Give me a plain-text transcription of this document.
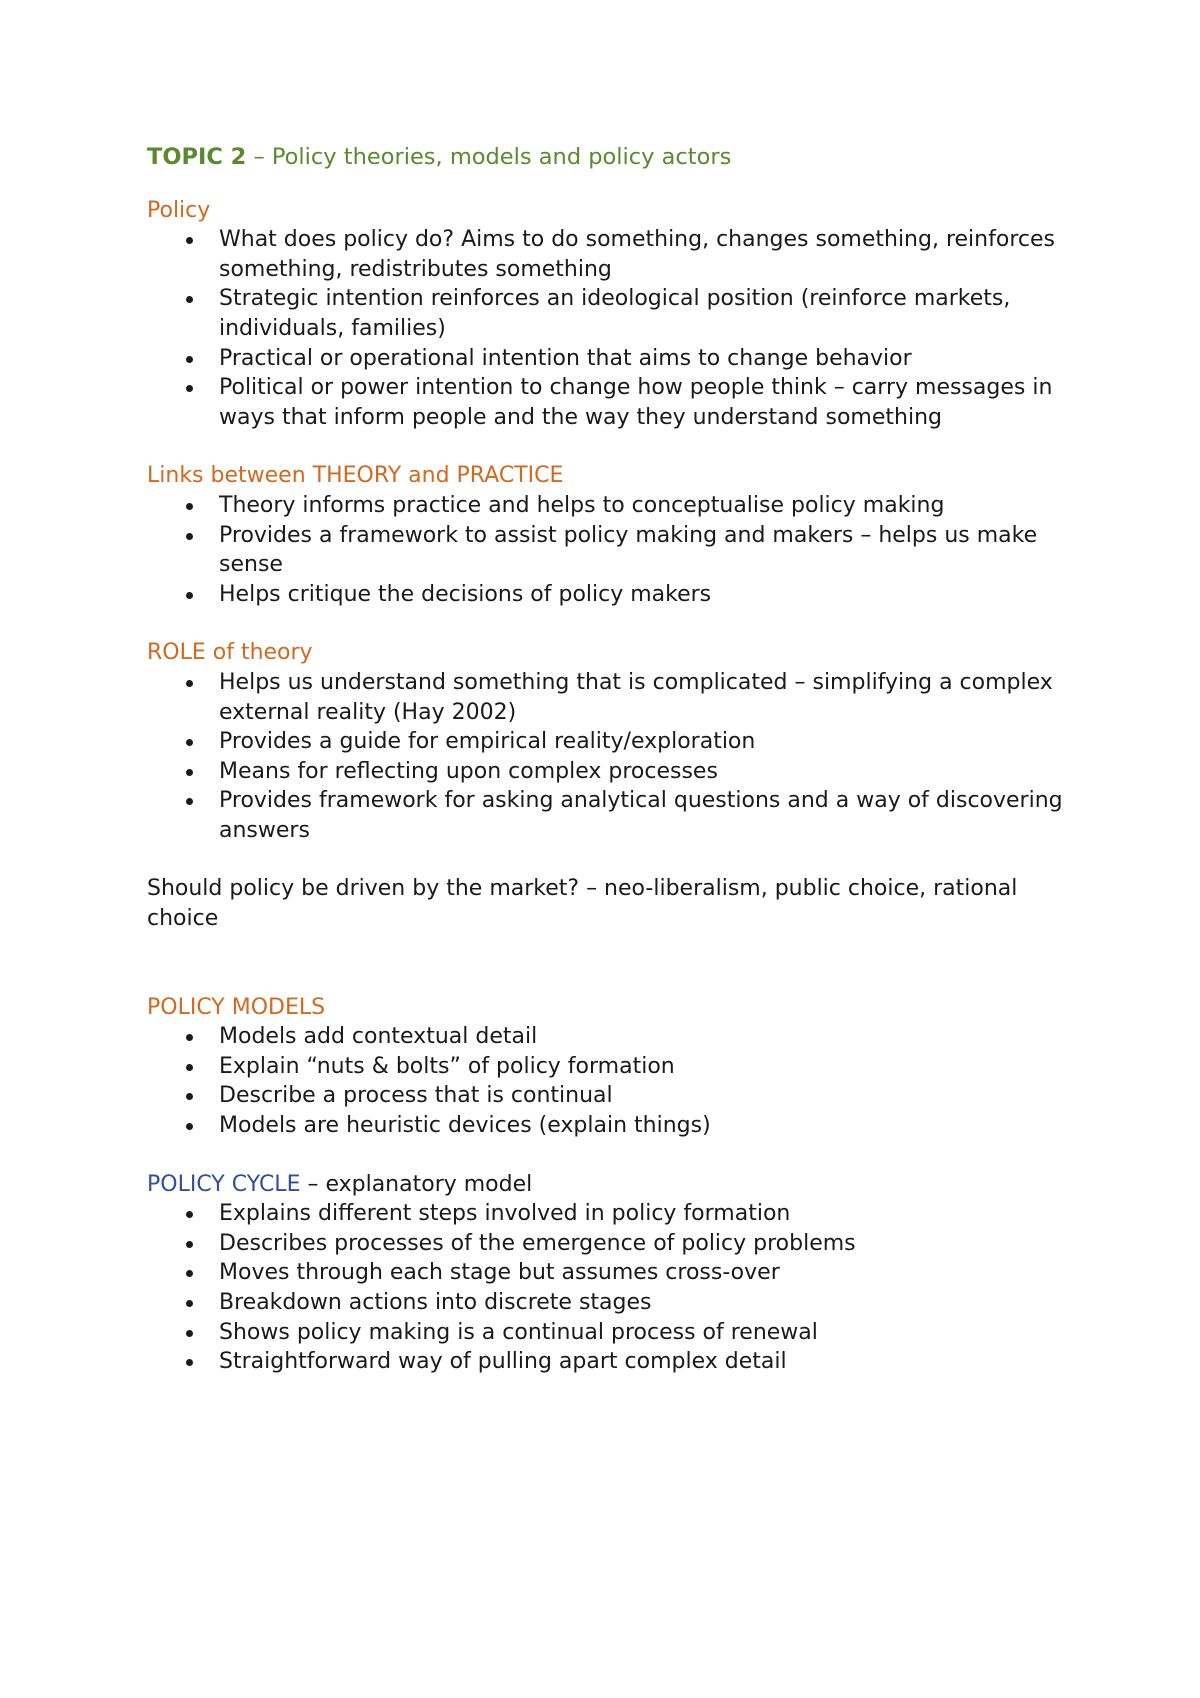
TOPIC 2 – Policy theories, models and policy actors

Policy

What does policy do? Aims to do something, changes something, reinforces something, redistributes something
Strategic intention reinforces an ideological position (reinforce markets, individuals, families)
Practical or operational intention that aims to change behavior
Political or power intention to change how people think – carry messages in ways that inform people and the way they understand something

Links between THEORY and PRACTICE

Theory informs practice and helps to conceptualise policy making
Provides a framework to assist policy making and makers – helps us make sense
Helps critique the decisions of policy makers

ROLE of theory

Helps us understand something that is complicated – simplifying a complex external reality (Hay 2002)
Provides a guide for empirical reality/exploration
Means for reflecting upon complex processes
Provides framework for asking analytical questions and a way of discovering answers

Should policy be driven by the market? – neo-liberalism, public choice, rational choice

POLICY MODELS

Models add contextual detail
Explain “nuts & bolts” of policy formation
Describe a process that is continual
Models are heuristic devices (explain things)

POLICY CYCLE – explanatory model

Explains different steps involved in policy formation
Describes processes of the emergence of policy problems
Moves through each stage but assumes cross-over
Breakdown actions into discrete stages
Shows policy making is a continual process of renewal
Straightforward way of pulling apart complex detail
